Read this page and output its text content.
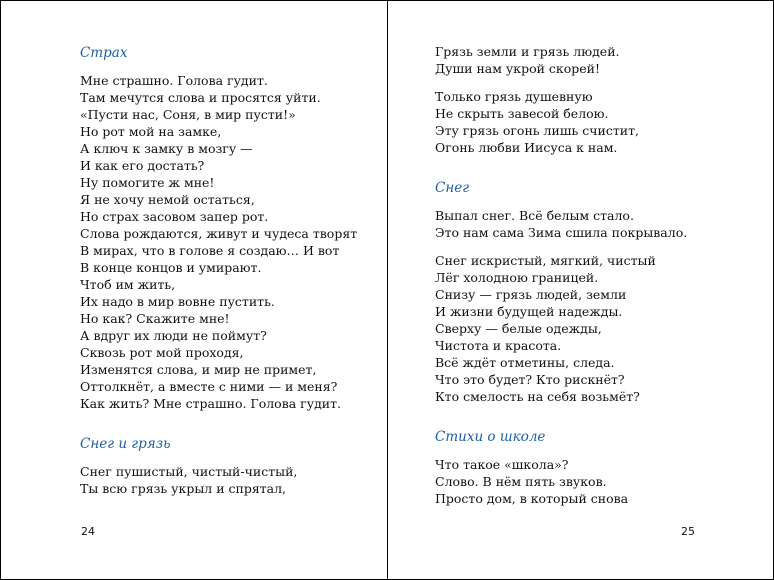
Страх
Мне страшно. Голова гудит.
Там мечутся слова и просятся уйти.
«Пусти нас, Соня, в мир пусти!»
Но рот мой на замке,
А ключ к замку в мозгу —
И как его достать?
Ну помогите ж мне!
Я не хочу немой остаться,
Но страх засовом запер рот.
Слова рождаются, живут и чудеса творят
В мирах, что в голове я создаю… И вот
В конце концов и умирают.
Чтоб им жить,
Их надо в мир вовне пустить.
Но как? Скажите мне!
А вдруг их люди не поймут?
Сквозь рот мой проходя,
Изменятся слова, и мир не примет,
Оттолкнёт, а вместе с ними — и меня?
Как жить? Мне страшно. Голова гудит.
Снег и грязь
Снег пушистый, чистый-чистый,
Ты всю грязь укрыл и спрятал,
24
Грязь земли и грязь людей.
Души нам укрой скорей!
Только грязь душевную
Не скрыть завесой белою.
Эту грязь огонь лишь счистит,
Огонь любви Иисуса к нам.
Снег
Выпал снег. Всё белым стало.
Это нам сама Зима сшила покрывало.
Снег искристый, мягкий, чистый
Лёг холодною границей.
Снизу — грязь людей, земли
И жизни будущей надежды.
Сверху — белые одежды,
Чистота и красота.
Всё ждёт отметины, следа.
Что это будет? Кто рискнёт?
Кто смелость на себя возьмёт?
Стихи о школе
Что такое «школа»?
Слово. В нём пять звуков.
Просто дом, в который снова
25
